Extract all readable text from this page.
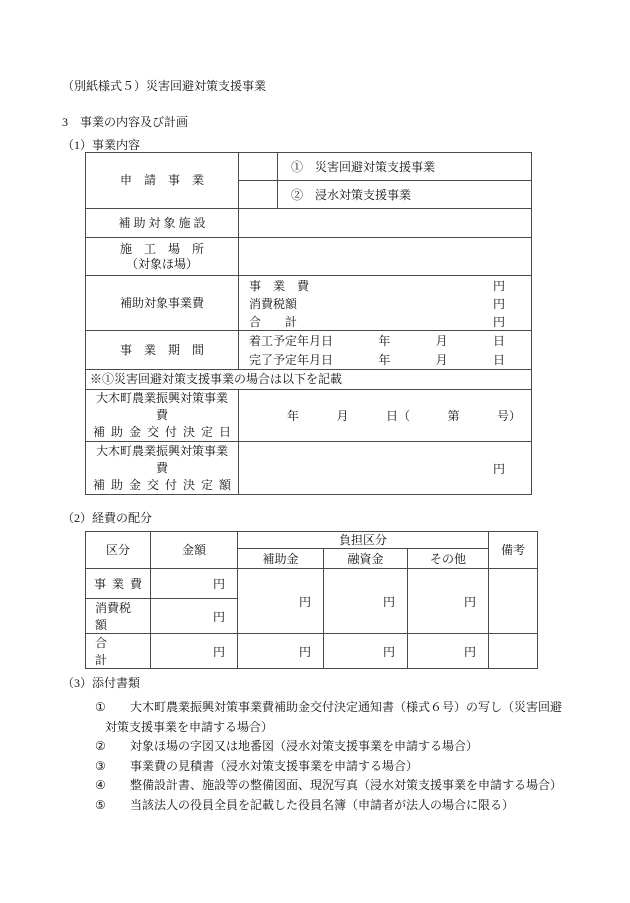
（別紙様式５）災害回避対策支援事業
3　事業の内容及び計画
（1）事業内容
申　請　事　業		①　災害回避対策支援事業
		②　浸水対策支援事業
補 助 対 象 施 設		

施　工　場　所
（対象ほ場）		

補助対象事業費	
事　業　費	円
消費税額	円
合　　計	円

事　業　期　間	
着工予定年月日	年	月	日
完了予定年月日	年	月	日

※①災害回避対策支援事業の場合は以下を記載		

大木町農業振興対策事業
費
補 助 金 交 付 決 定 日

年	月	日（	第	号）

大木町農業振興対策事業
費
補 助 金 交 付 決 定 額	円	
（2）経費の配分
区分	金額	負担区分			備考
		補助金	融資金	その他	
事 業 費	円	円	円	円	
消費税額	円				
合　　計	円	円	円	円	
（3）添付書類
①	大木町農業振興対策事業費補助金交付決定通知書（様式６号）の写し（災害回避
対策支援事業を申請する場合）
②	対象ほ場の字図又は地番図（浸水対策支援事業を申請する場合）
③	事業費の見積書（浸水対策支援事業を申請する場合）
④	整備設計書、施設等の整備図面、現況写真（浸水対策支援事業を申請する場合）
⑤	当該法人の役員全員を記載した役員名簿（申請者が法人の場合に限る）
